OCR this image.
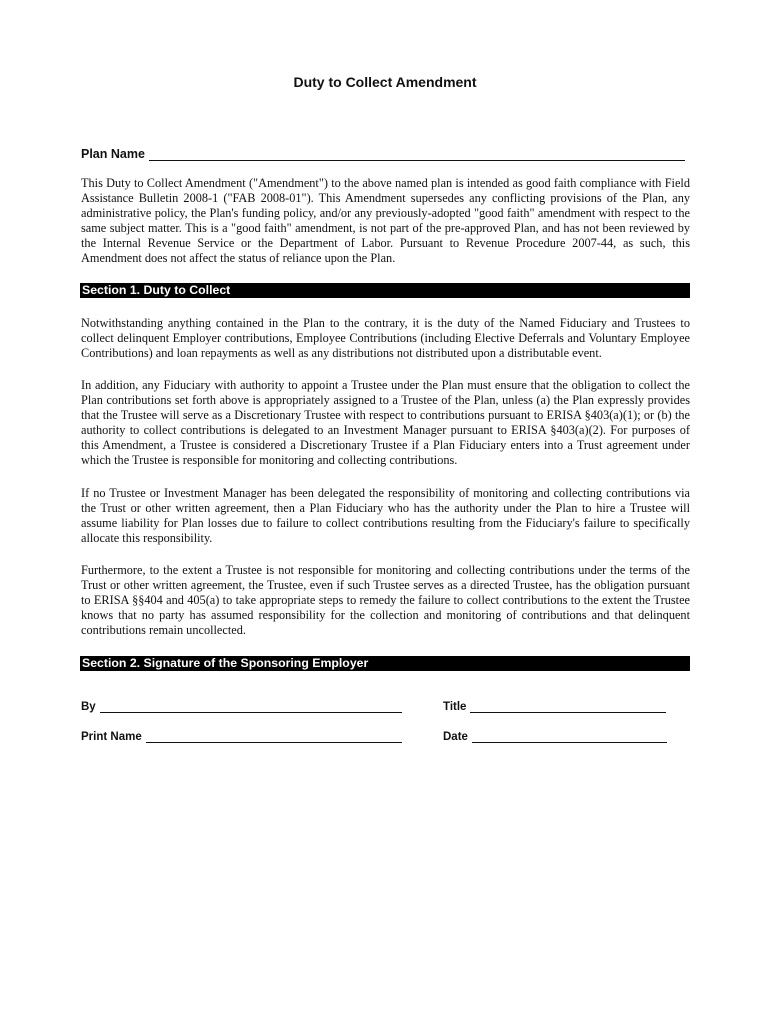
Duty to Collect Amendment
Plan Name

This Duty to Collect Amendment ("Amendment") to the above named plan is intended as good faith compliance with Field Assistance Bulletin 2008-1 ("FAB 2008-01"). This Amendment supersedes any conflicting provisions of the Plan, any administrative policy, the Plan's funding policy, and/or any previously-adopted "good faith" amendment with respect to the same subject matter. This is a "good faith" amendment, is not part of the pre-approved Plan, and has not been reviewed by the Internal Revenue Service or the Department of Labor. Pursuant to Revenue Procedure 2007-44, as such, this Amendment does not affect the status of reliance upon the Plan.

Section 1. Duty to Collect

Notwithstanding anything contained in the Plan to the contrary, it is the duty of the Named Fiduciary and Trustees to collect delinquent Employer contributions, Employee Contributions (including Elective Deferrals and Voluntary Employee Contributions) and loan repayments as well as any distributions not distributed upon a distributable event.

In addition, any Fiduciary with authority to appoint a Trustee under the Plan must ensure that the obligation to collect the Plan contributions set forth above is appropriately assigned to a Trustee of the Plan, unless (a) the Plan expressly provides that the Trustee will serve as a Discretionary Trustee with respect to contributions pursuant to ERISA §403(a)(1); or (b) the authority to collect contributions is delegated to an Investment Manager pursuant to ERISA §403(a)(2). For purposes of this Amendment, a Trustee is considered a Discretionary Trustee if a Plan Fiduciary enters into a Trust agreement under which the Trustee is responsible for monitoring and collecting contributions.

If no Trustee or Investment Manager has been delegated the responsibility of monitoring and collecting contributions via the Trust or other written agreement, then a Plan Fiduciary who has the authority under the Plan to hire a Trustee will assume liability for Plan losses due to failure to collect contributions resulting from the Fiduciary's failure to specifically allocate this responsibility.

Furthermore, to the extent a Trustee is not responsible for monitoring and collecting contributions under the terms of the Trust or other written agreement, the Trustee, even if such Trustee serves as a directed Trustee, has the obligation pursuant to ERISA §§404 and 405(a) to take appropriate steps to remedy the failure to collect contributions to the extent the Trustee knows that no party has assumed responsibility for the collection and monitoring of contributions and that delinquent contributions remain uncollected.

Section 2. Signature of the Sponsoring Employer
By	Title
Print Name	Date
